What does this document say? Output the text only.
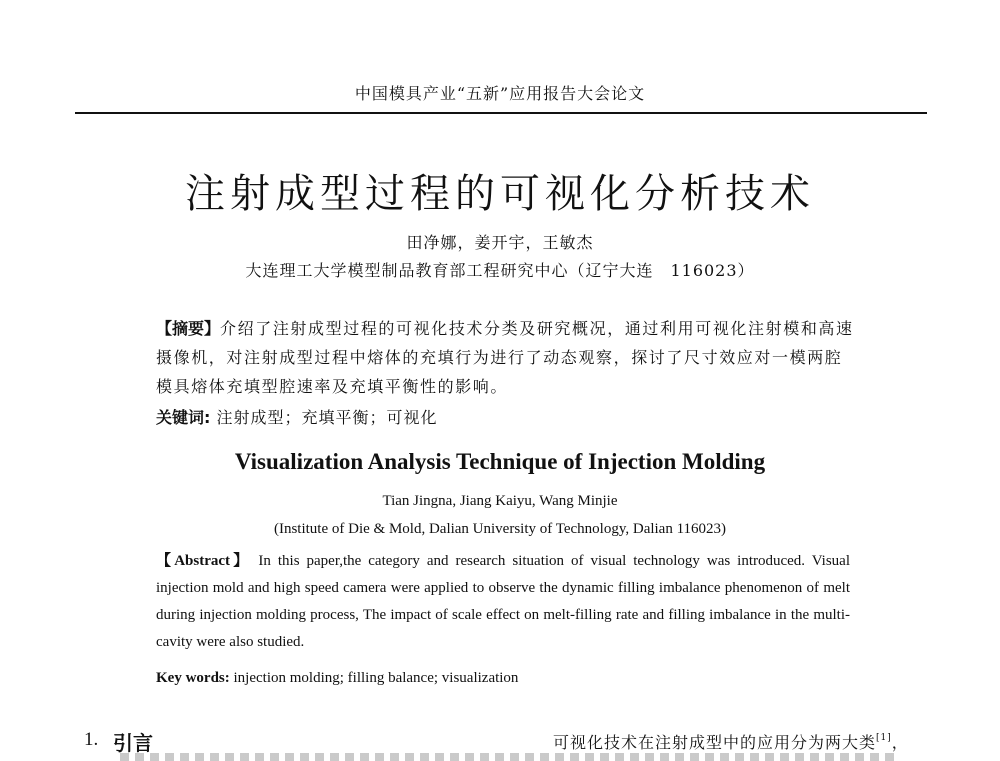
中国模具产业“五新”应用报告大会论文
注射成型过程的可视化分析技术
田净娜，姜开宇，王敏杰
大连理工大学模型制品教育部工程研究中心（辽宁大连　116023）
【摘要】介绍了注射成型过程的可视化技术分类及研究概况，通过利用可视化注射模和高速摄像机，对注射成型过程中熔体的充填行为进行了动态观察，探讨了尺寸效应对一模两腔模具熔体充填型腔速率及充填平衡性的影响。
关键词: 注射成型；充填平衡；可视化
Visualization Analysis Technique of Injection Molding
Tian Jingna, Jiang Kaiyu, Wang Minjie
(Institute of Die & Mold, Dalian University of Technology, Dalian 116023)
【Abstract】 In this paper,the category and research situation of visual technology was introduced. Visual injection mold and high speed camera were applied to observe the dynamic filling imbalance phenomenon of melt during injection molding process, The impact of scale effect on melt-filling rate and filling imbalance in the multi-cavity were also studied.
Key words: injection molding; filling balance; visualization
1. 引言	可视化技术在注射成型中的应用分为两大类[1]，
